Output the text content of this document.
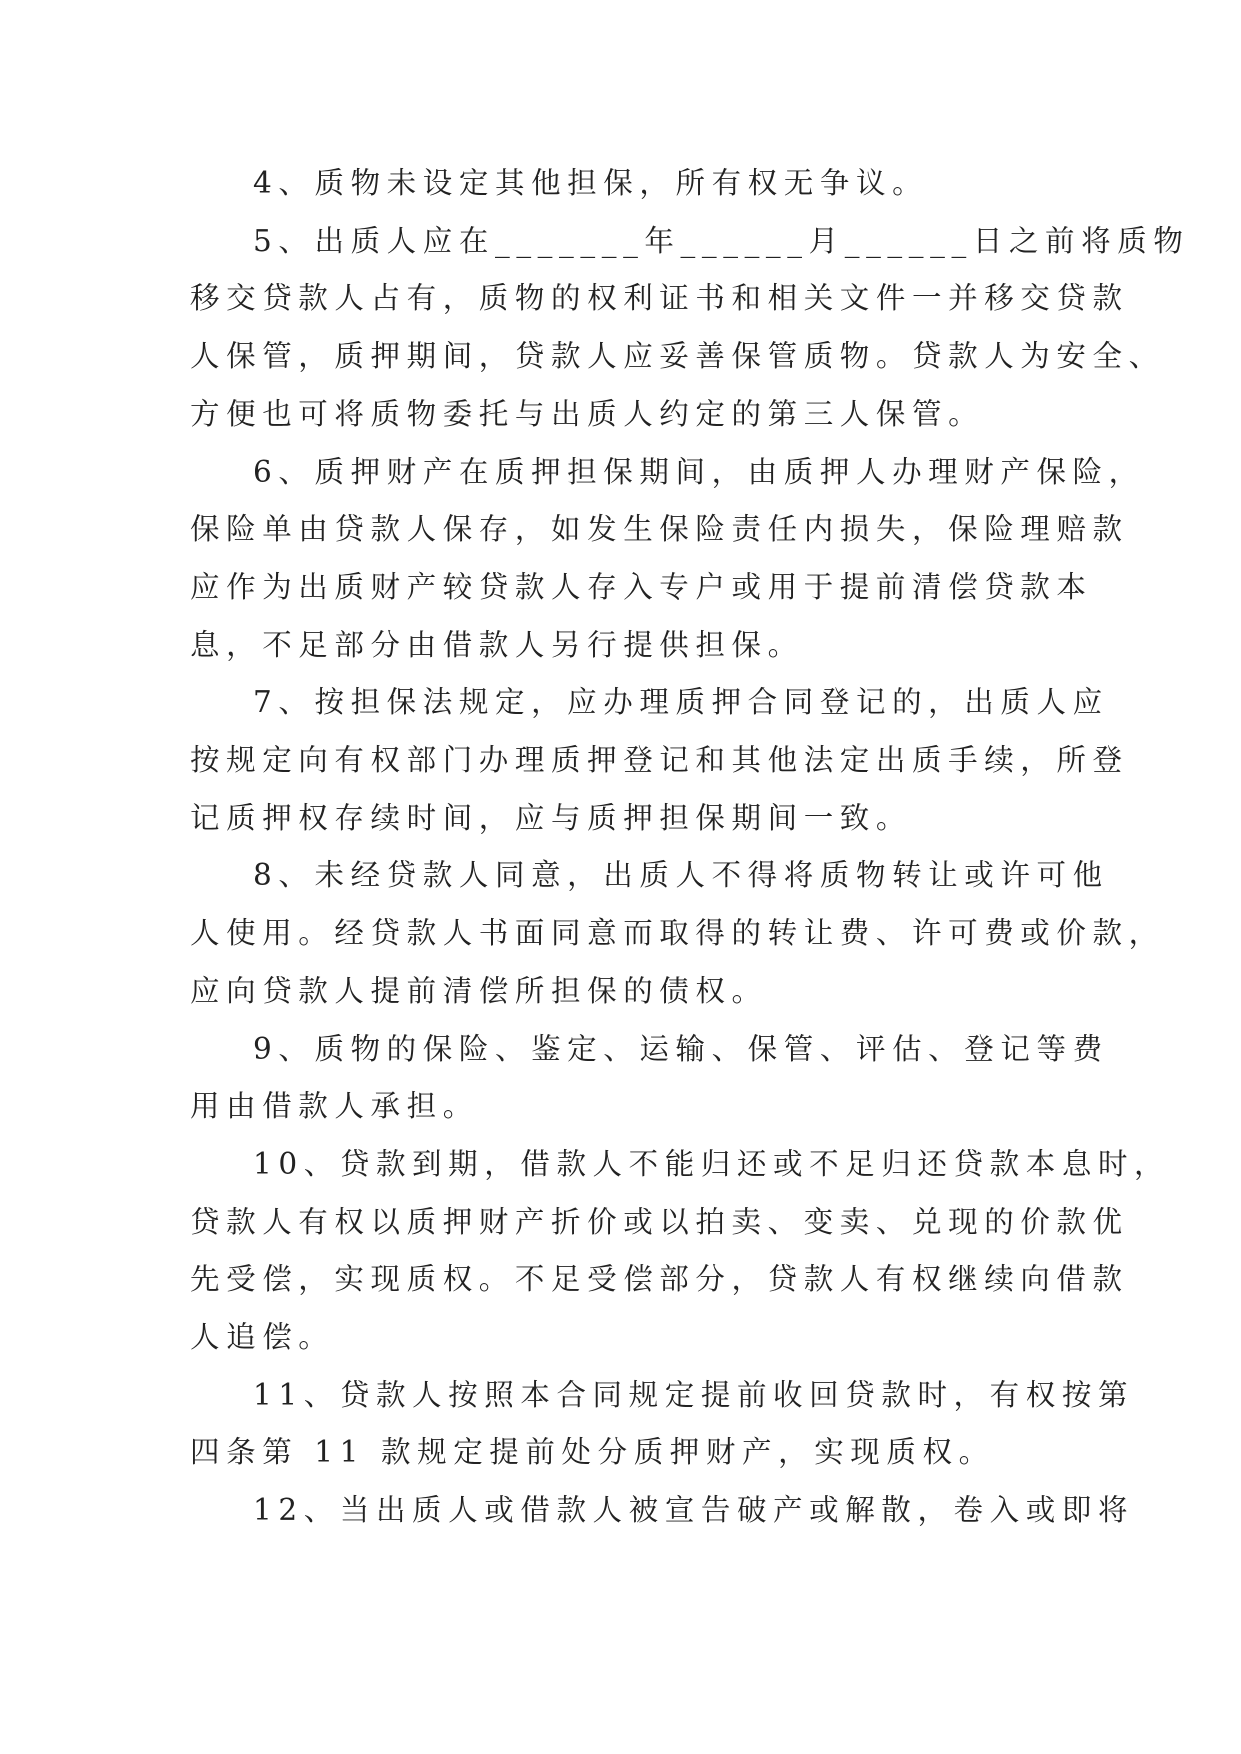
4、质物未设定其他担保，所有权无争议。
5、出质人应在_______年______月______日之前将质物
移交贷款人占有，质物的权利证书和相关文件一并移交贷款
人保管，质押期间，贷款人应妥善保管质物。贷款人为安全、
方便也可将质物委托与出质人约定的第三人保管。
6、质押财产在质押担保期间，由质押人办理财产保险，
保险单由贷款人保存，如发生保险责任内损失，保险理赔款
应作为出质财产较贷款人存入专户或用于提前清偿贷款本
息，不足部分由借款人另行提供担保。
7、按担保法规定，应办理质押合同登记的，出质人应
按规定向有权部门办理质押登记和其他法定出质手续，所登
记质押权存续时间，应与质押担保期间一致。
8、未经贷款人同意，出质人不得将质物转让或许可他
人使用。经贷款人书面同意而取得的转让费、许可费或价款，
应向贷款人提前清偿所担保的债权。
9、质物的保险、鉴定、运输、保管、评估、登记等费
用由借款人承担。
10、贷款到期，借款人不能归还或不足归还贷款本息时，
贷款人有权以质押财产折价或以拍卖、变卖、兑现的价款优
先受偿，实现质权。不足受偿部分，贷款人有权继续向借款
人追偿。
11、贷款人按照本合同规定提前收回贷款时，有权按第
四条第 11 款规定提前处分质押财产，实现质权。
12、当出质人或借款人被宣告破产或解散，卷入或即将
